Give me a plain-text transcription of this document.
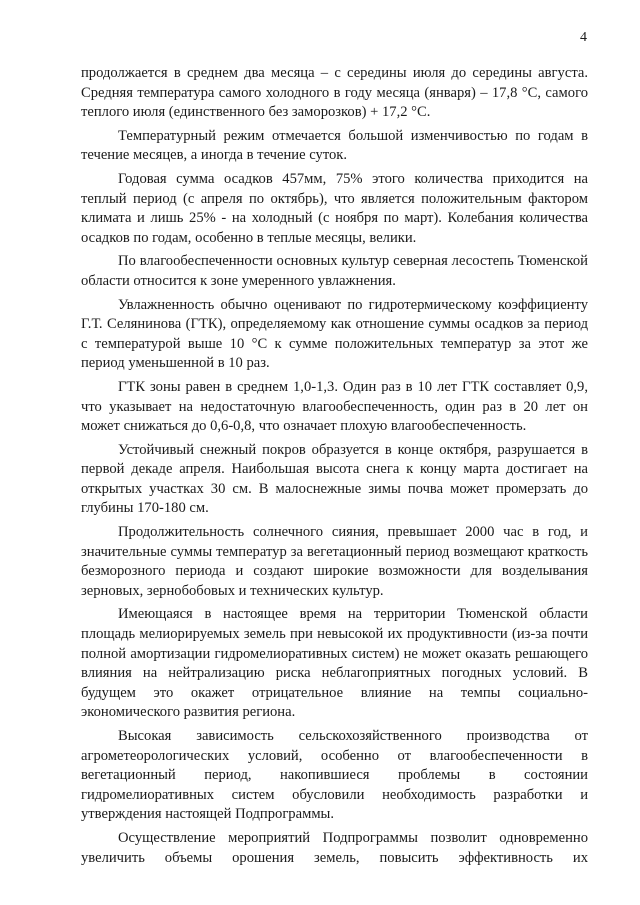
4

продолжается в среднем два месяца – с середины июля до середины августа. Средняя температура самого холодного в году месяца (января) – 17,8 °С, самого теплого июля (единственного без заморозков) + 17,2 °С.

Температурный режим отмечается большой изменчивостью по годам в течение месяцев, а иногда в течение суток.

Годовая сумма осадков 457мм, 75% этого количества приходится на теплый период (с апреля по октябрь), что является положительным фактором климата и лишь 25% - на холодный (с ноября по март). Колебания количества осадков по годам, особенно в теплые месяцы, велики.

По влагообеспеченности основных культур северная лесостепь Тюменской области относится к зоне умеренного увлажнения.

Увлажненность обычно оценивают по гидротермическому коэффициенту Г.Т. Селянинова (ГТК), определяемому как отношение суммы осадков за период с температурой выше 10 °С к сумме положительных температур за этот же период уменьшенной в 10 раз.

ГТК зоны равен в среднем 1,0-1,3. Один раз в 10 лет ГТК составляет 0,9, что указывает на недостаточную влагообеспеченность, один раз в 20 лет он может снижаться до 0,6-0,8, что означает плохую влагообеспеченность.

Устойчивый снежный покров образуется в конце октября, разрушается в первой декаде апреля. Наибольшая высота снега к концу марта достигает на открытых участках 30 см. В малоснежные зимы почва может промерзать до глубины 170-180 см.

Продолжительность солнечного сияния, превышает 2000 час в год, и значительные суммы температур за вегетационный период возмещают краткость безморозного периода и создают широкие возможности для возделывания зерновых, зернобобовых и технических культур.

Имеющаяся в настоящее время на территории Тюменской области площадь мелиорируемых земель при невысокой их продуктивности (из-за почти полной амортизации гидромелиоративных систем) не может оказать решающего влияния на нейтрализацию риска неблагоприятных погодных условий. В будущем это окажет отрицательное влияние на темпы социально-экономического развития региона.

Высокая зависимость сельскохозяйственного производства от агрометеорологических условий, особенно от влагообеспеченности в вегетационный период, накопившиеся проблемы в состоянии гидромелиоративных систем обусловили необходимость разработки и утверждения настоящей Подпрограммы.

Осуществление мероприятий Подпрограммы позволит одновременно увеличить объемы орошения земель, повысить эффективность их
